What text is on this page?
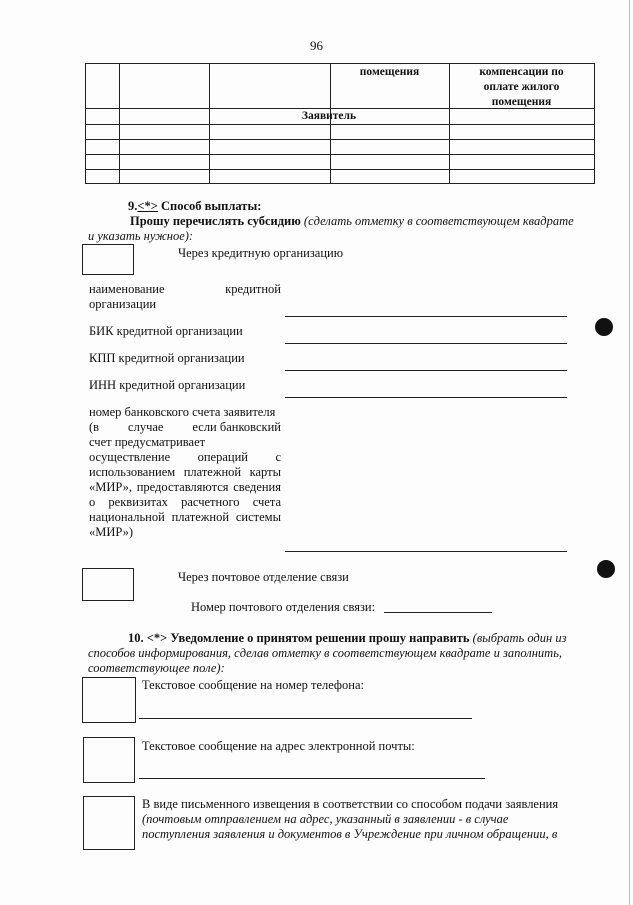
96
помещения	компенсации по
оплате жилого
помещения
Заявитель
9.<*> Способ выплаты:
Прошу перечислять субсидию (сделать отметку в соответствующем квадрате
и указать нужное):
Через кредитную организацию
наименование	кредитной
организации
БИК кредитной организации
КПП кредитной организации
ИНН кредитной организации
номер банковского счета заявителя
(в случае если банковский
счет предусматривает
осуществление операций с
использованием платежной карты
«МИР», предоставляются сведения
о реквизитах расчетного счета
национальной платежной системы
«МИР»)
Через почтовое отделение связи
Номер почтового отделения связи:
10. <*> Уведомление о принятом решении прошу направить (выбрать один из
способов информирования, сделав отметку в соответствующем квадрате и заполнить,
соответствующее поле):
Текстовое сообщение на номер телефона:
Текстовое сообщение на адрес электронной почты:
В виде письменного извещения в соответствии со способом подачи заявления
(почтовым отправлением на адрес, указанный в заявлении - в случае
поступления заявления и документов в Учреждение при личном обращении, в
